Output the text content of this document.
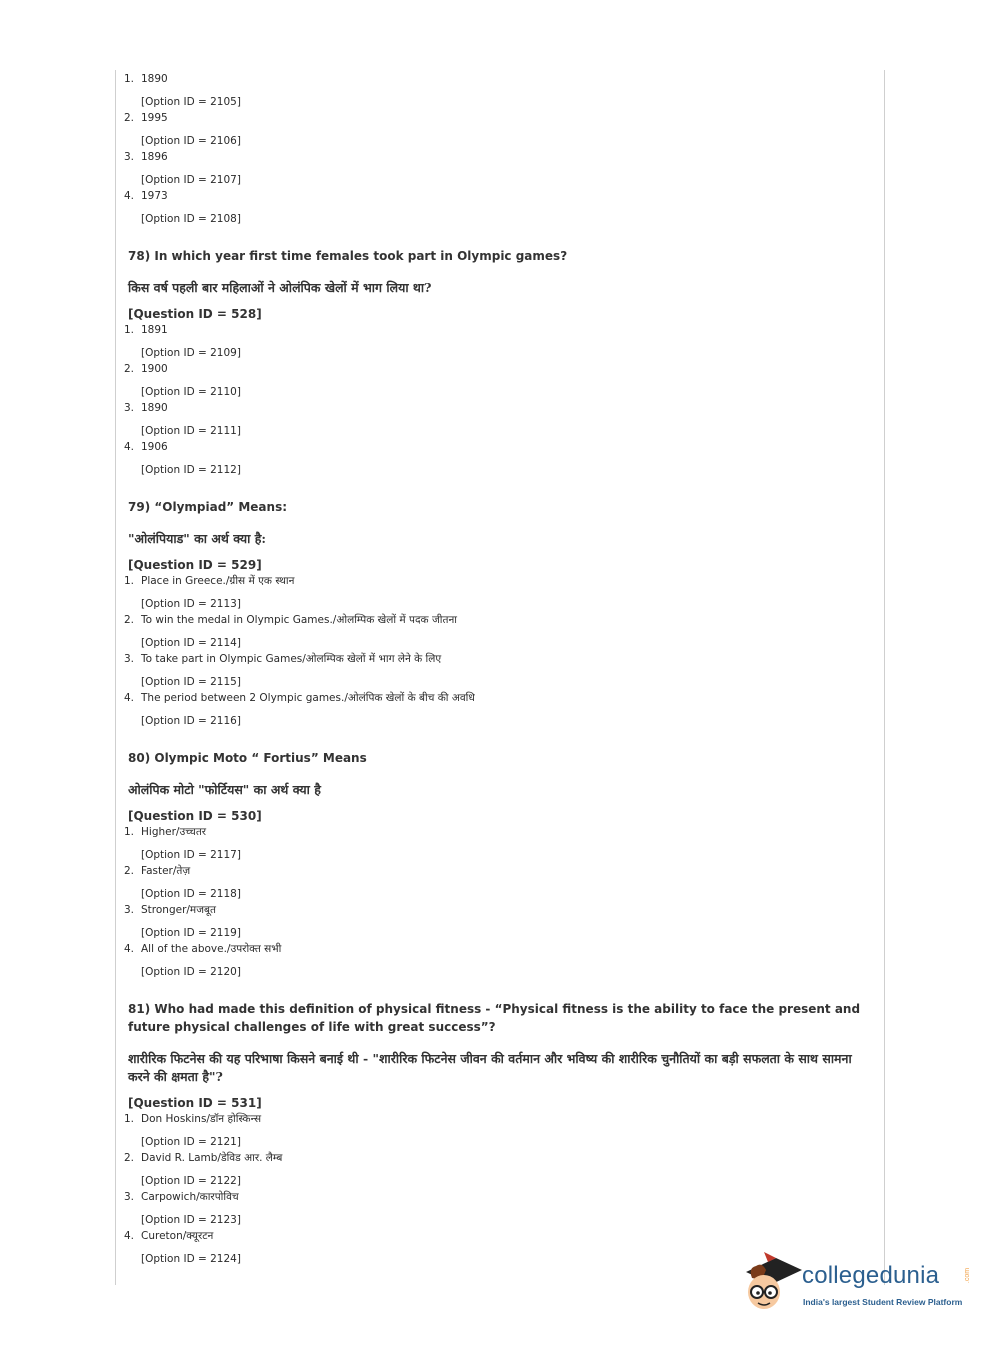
1. 1890

[Option ID = 2105]

2. 1995

[Option ID = 2106]

3. 1896

[Option ID = 2107]

4. 1973

[Option ID = 2108]

78) In which year first time females took part in Olympic games?

किस वर्ष पहली बार महिलाओं ने ओलंपिक खेलों में भाग लिया था?

[Question ID = 528]

1. 1891

[Option ID = 2109]

2. 1900

[Option ID = 2110]

3. 1890

[Option ID = 2111]

4. 1906

[Option ID = 2112]

79) “Olympiad” Means:

"ओलंपियाड" का अर्थ क्या है:

[Question ID = 529]

1. Place in Greece./ग्रीस में एक स्थान

[Option ID = 2113]

2. To win the medal in Olympic Games./ओलम्पिक खेलों में पदक जीतना

[Option ID = 2114]

3. To take part in Olympic Games/ओलम्पिक खेलों में भाग लेने के लिए

[Option ID = 2115]

4. The period between 2 Olympic games./ओलंपिक खेलों के बीच की अवधि

[Option ID = 2116]

80) Olympic Moto “ Fortius” Means

ओलंपिक मोटो "फोर्टियस" का अर्थ क्या है

[Question ID = 530]

1. Higher/उच्चतर

[Option ID = 2117]

2. Faster/तेज़

[Option ID = 2118]

3. Stronger/मजबूत

[Option ID = 2119]

4. All of the above./उपरोक्त सभी

[Option ID = 2120]

81) Who had made this definition of physical fitness - “Physical fitness is the ability to face the present and future physical challenges of life with great success”?

शारीरिक फिटनेस की यह परिभाषा किसने बनाई थी - "शारीरिक फिटनेस जीवन की वर्तमान और भविष्य की शारीरिक चुनौतियों का बड़ी सफलता के साथ सामना करने की क्षमता है"?

[Question ID = 531]

1. Don Hoskins/डॉन होस्किन्स

[Option ID = 2121]

2. David R. Lamb/डेविड आर. लैम्ब

[Option ID = 2122]

3. Carpowich/कारपोविच

[Option ID = 2123]

4. Cureton/क्यूरटन

[Option ID = 2124]

collegedunia	.com
India's largest Student Review Platform
